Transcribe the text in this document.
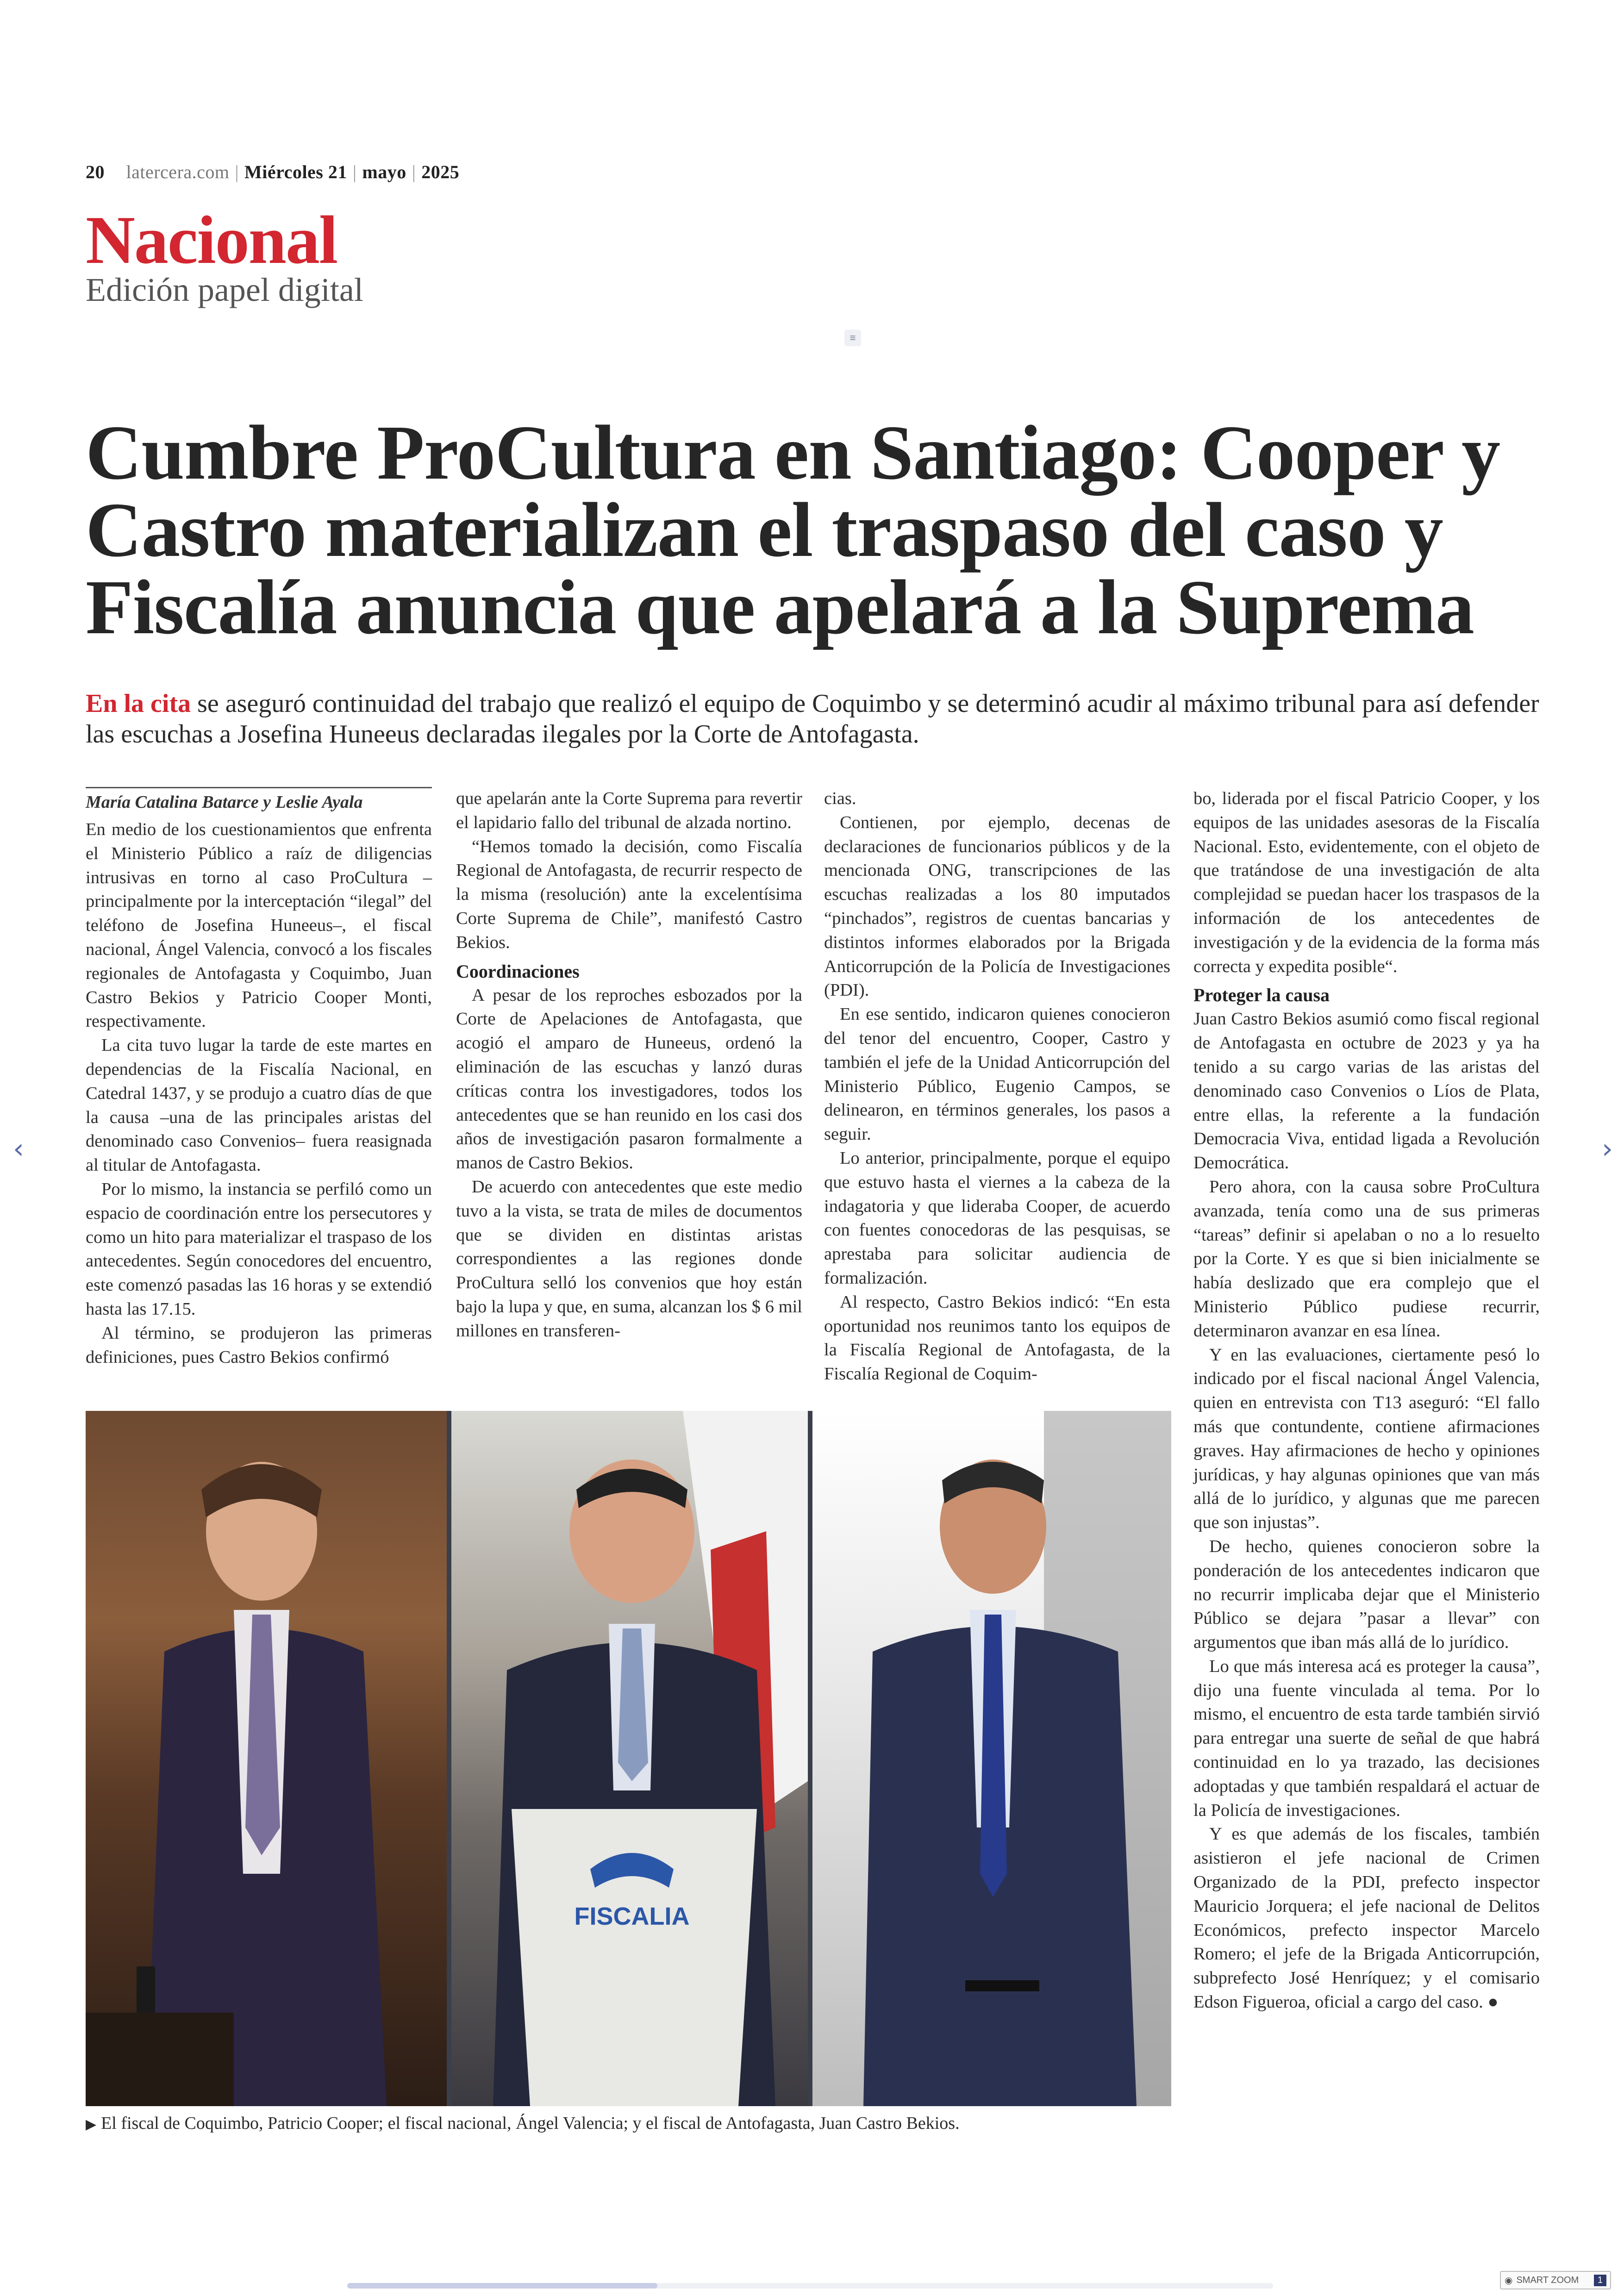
20 latercera.com | Miércoles 21 | mayo | 2025
Nacional
Edición papel digital
≡
Cumbre ProCultura en Santiago: Cooper y Castro materializan el traspaso del caso y Fiscalía anuncia que apelará a la Suprema
En la cita se aseguró continuidad del trabajo que realizó el equipo de Coquimbo y se determinó acudir al máximo tribunal para así defender las escuchas a Josefina Huneeus declaradas ilegales por la Corte de Antofagasta.
María Catalina Batarce y Leslie Ayala

En medio de los cuestionamientos que enfrenta el Ministerio Público a raíz de diligencias intrusivas en torno al caso ProCultura –principalmente por la interceptación “ilegal” del teléfono de Josefina Huneeus–, el fiscal nacional, Ángel Valencia, convocó a los fiscales regionales de Antofagasta y Coquimbo, Juan Castro Bekios y Patricio Cooper Monti, respectivamente.

La cita tuvo lugar la tarde de este martes en dependencias de la Fiscalía Nacional, en Catedral 1437, y se produjo a cuatro días de que la causa –una de las principales aristas del denominado caso Convenios– fuera reasignada al titular de Antofagasta.

Por lo mismo, la instancia se perfiló como un espacio de coordinación entre los persecutores y como un hito para materializar el traspaso de los antecedentes. Según conocedores del encuentro, este comenzó pasadas las 16 horas y se extendió hasta las 17.15.

Al término, se produjeron las primeras definiciones, pues Castro Bekios confirmó

que apelarán ante la Corte Suprema para revertir el lapidario fallo del tribunal de alzada nortino.

“Hemos tomado la decisión, como Fiscalía Regional de Antofagasta, de recurrir respecto de la misma (resolución) ante la excelentísima Corte Suprema de Chile”, manifestó Castro Bekios.

Coordinaciones

A pesar de los reproches esbozados por la Corte de Apelaciones de Antofagasta, que acogió el amparo de Huneeus, ordenó la eliminación de las escuchas y lanzó duras críticas contra los investigadores, todos los antecedentes que se han reunido en los casi dos años de investigación pasaron formalmente a manos de Castro Bekios.

De acuerdo con antecedentes que este medio tuvo a la vista, se trata de miles de documentos que se dividen en distintas aristas correspondientes a las regiones donde ProCultura selló los convenios que hoy están bajo la lupa y que, en suma, alcanzan los $ 6 mil millones en transferen-

cias.

Contienen, por ejemplo, decenas de declaraciones de funcionarios públicos y de la mencionada ONG, transcripciones de las escuchas realizadas a los 80 imputados “pinchados”, registros de cuentas bancarias y distintos informes elaborados por la Brigada Anticorrupción de la Policía de Investigaciones (PDI).

En ese sentido, indicaron quienes conocieron del tenor del encuentro, Cooper, Castro y también el jefe de la Unidad Anticorrupción del Ministerio Público, Eugenio Campos, se delinearon, en términos generales, los pasos a seguir.

Lo anterior, principalmente, porque el equipo que estuvo hasta el viernes a la cabeza de la indagatoria y que lideraba Cooper, de acuerdo con fuentes conocedoras de las pesquisas, se aprestaba para solicitar audiencia de formalización.

Al respecto, Castro Bekios indicó: “En esta oportunidad nos reunimos tanto los equipos de la Fiscalía Regional de Antofagasta, de la Fiscalía Regional de Coquim-

bo, liderada por el fiscal Patricio Cooper, y los equipos de las unidades asesoras de la Fiscalía Nacional. Esto, evidentemente, con el objeto de que tratándose de una investigación de alta complejidad se puedan hacer los traspasos de la información de los antecedentes de investigación y de la evidencia de la forma más correcta y expedita posible“.

Proteger la causa

Juan Castro Bekios asumió como fiscal regional de Antofagasta en octubre de 2023 y ya ha tenido a su cargo varias de las aristas del denominado caso Convenios o Líos de Plata, entre ellas, la referente a la fundación Democracia Viva, entidad ligada a Revolución Democrática.

Pero ahora, con la causa sobre ProCultura avanzada, tenía como una de sus primeras “tareas” definir si apelaban o no a lo resuelto por la Corte. Y es que si bien inicialmente se había deslizado que era complejo que el Ministerio Público pudiese recurrir, determinaron avanzar en esa línea.

Y en las evaluaciones, ciertamente pesó lo indicado por el fiscal nacional Ángel Valencia, quien en entrevista con T13 aseguró: “El fallo más que contundente, contiene afirmaciones graves. Hay afirmaciones de hecho y opiniones jurídicas, y hay algunas opiniones que van más allá de lo jurídico, y algunas que me parecen que son injustas”.

De hecho, quienes conocieron sobre la ponderación de los antecedentes indicaron que no recurrir implicaba dejar que el Ministerio Público se dejara ”pasar a llevar” con argumentos que iban más allá de lo jurídico.

Lo que más interesa acá es proteger la causa”, dijo una fuente vinculada al tema. Por lo mismo, el encuentro de esta tarde también sirvió para entregar una suerte de señal de que habrá continuidad en lo ya trazado, las decisiones adoptadas y que también respaldará el actuar de la Policía de investigaciones.

Y es que además de los fiscales, también asistieron el jefe nacional de Crimen Organizado de la PDI, prefecto inspector Mauricio Jorquera; el jefe nacional de Delitos Económicos, prefecto inspector Marcelo Romero; el jefe de la Brigada Anticorrupción, subprefecto José Henríquez; y el comisario Edson Figueroa, oficial a cargo del caso. ●

FISCALIA
▶ El fiscal de Coquimbo, Patricio Cooper; el fiscal nacional, Ángel Valencia; y el fiscal de Antofagasta, Juan Castro Bekios.
‹	›
◉ SMART ZOOM	1
